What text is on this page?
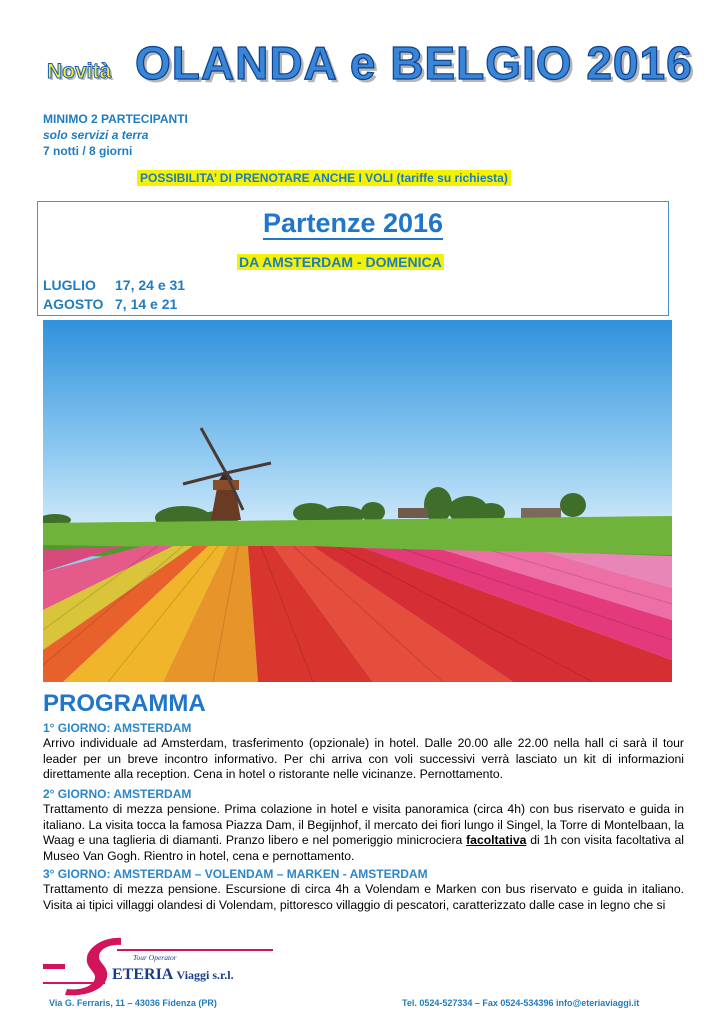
Novità OLANDA e BELGIO 2016
MINIMO 2 PARTECIPANTI
solo servizi a terra
7 notti / 8 giorni
POSSIBILITA’ DI PRENOTARE ANCHE I VOLI (tariffe su richiesta)
Partenze 2016
DA AMSTERDAM - DOMENICA
LUGLIO 17, 24 e 31
AGOSTO 7, 14 e 21
PROGRAMMA
1° GIORNO: AMSTERDAM
Arrivo individuale ad Amsterdam, trasferimento (opzionale) in hotel. Dalle 20.00 alle 22.00 nella hall ci sarà il tour leader per un breve incontro informativo. Per chi arriva con voli successivi verrà lasciato un kit di informazioni direttamente alla reception. Cena in hotel o ristorante nelle vicinanze. Pernottamento.
2° GIORNO: AMSTERDAM
Trattamento di mezza pensione. Prima colazione in hotel e visita panoramica (circa 4h) con bus riservato e guida in italiano. La visita tocca la famosa Piazza Dam, il Begijnhof, il mercato dei fiori lungo il Singel, la Torre di Montelbaan, la Waag e una taglieria di diamanti. Pranzo libero e nel pomeriggio minicrociera facoltativa di 1h con visita facoltativa al Museo Van Gogh. Rientro in hotel, cena e pernottamento.
3° GIORNO: AMSTERDAM – VOLENDAM – MARKEN - AMSTERDAM
Trattamento di mezza pensione. Escursione di circa 4h a Volendam e Marken con bus riservato e guida in italiano. Visita ai tipici villaggi olandesi di Volendam, pittoresco villaggio di pescatori, caratterizzato dalle case in legno che si
Tour Operator
ETERIA Viaggi s.r.l.
Via G. Ferraris, 11 – 43036 Fidenza (PR)	Tel. 0524-527334 – Fax 0524-534396 info@eteriaviaggi.it
